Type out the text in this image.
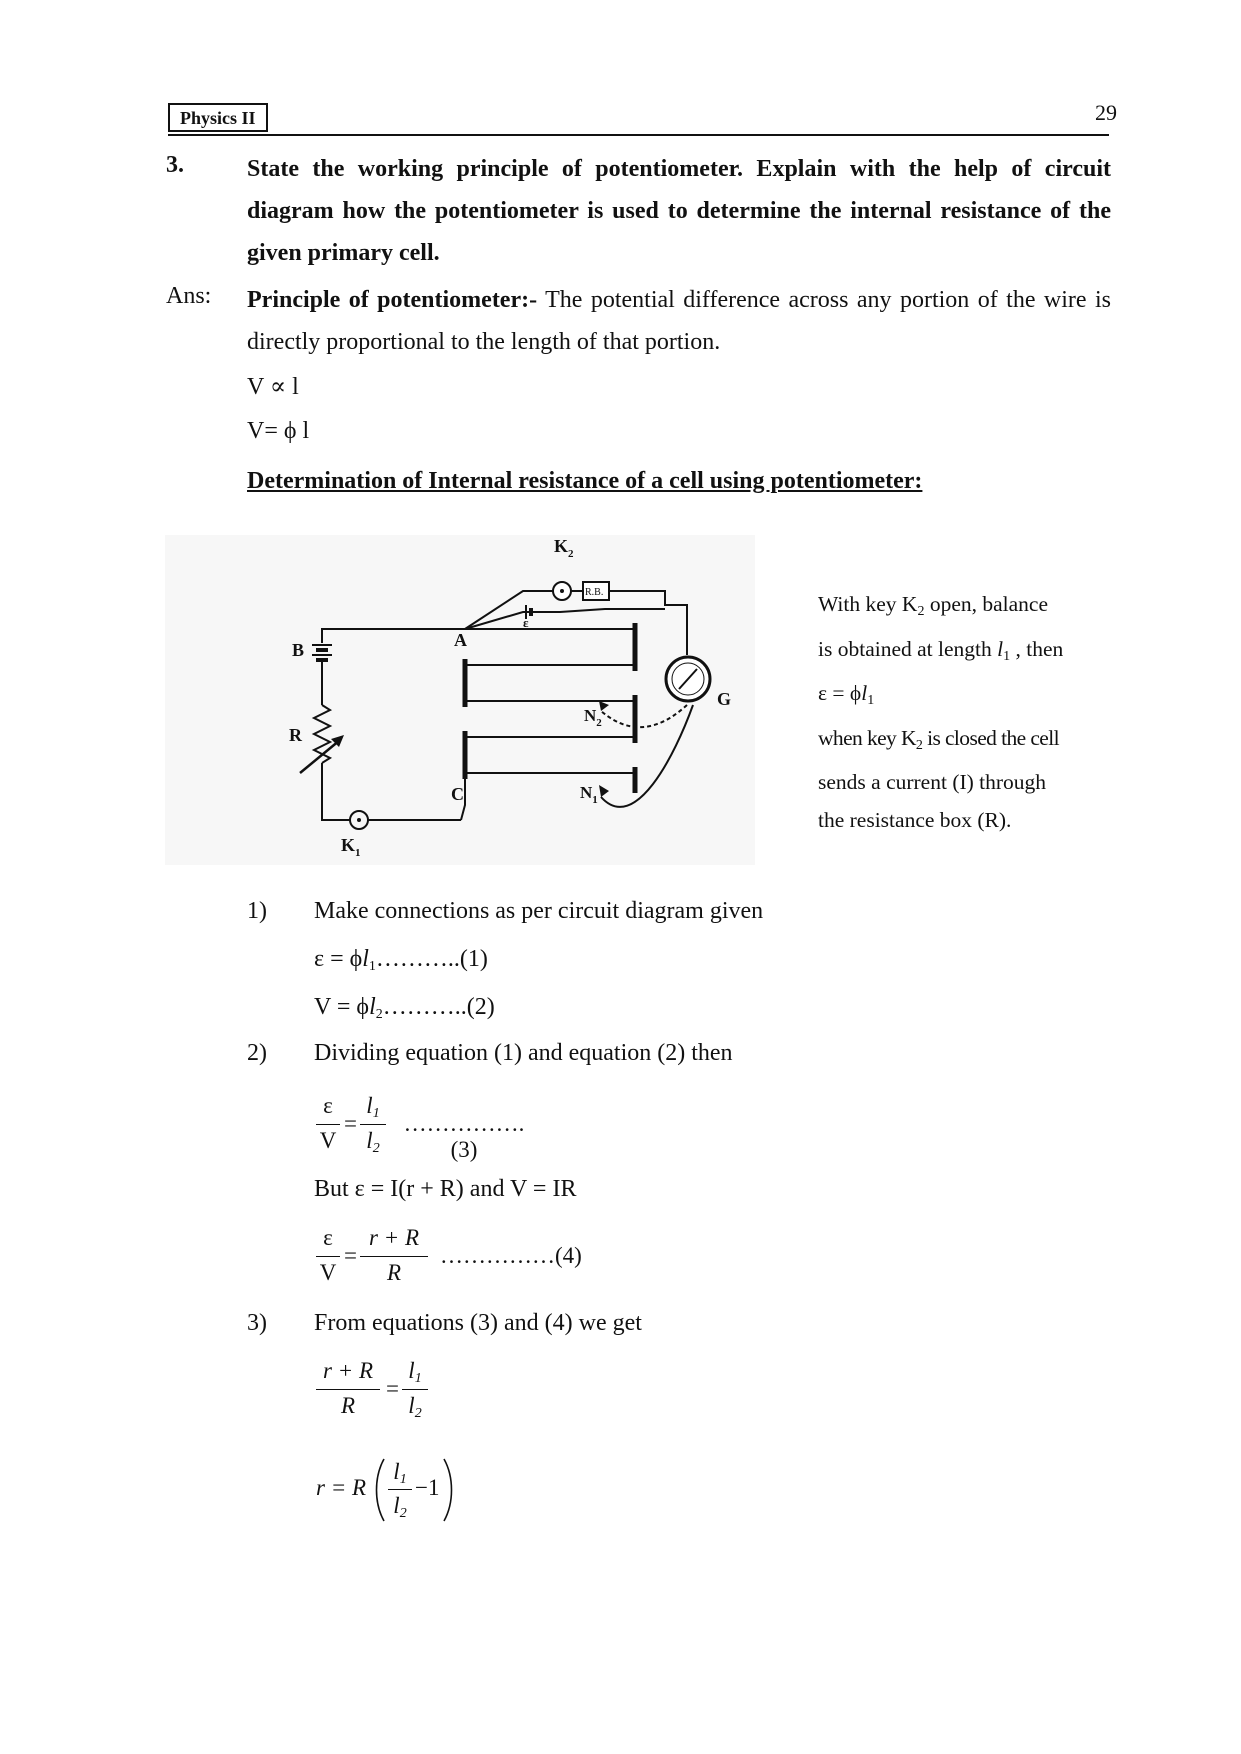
Physics II	29
3.	State the working principle of potentiometer. Explain with the help of circuit diagram how the potentiometer is used to determine the internal resistance of the given primary cell.
Ans: Principle of potentiometer:- The potential difference across any portion of the wire is directly proportional to the length of that portion.
V ∝ l
V= ϕ l
Determination of Internal resistance of a cell using potentiometer:
$K_2$
R.B.
ε
A
B
R
G
$N_2$
$N_1$
C
$K_1$
With key $K_2$ open, balance
is obtained at length $l_1$ , then
$\varepsilon = \phi l_1$
when key $K_2$ is closed the cell
sends a current (I) through
the resistance box (R).
1) Make connections as per circuit diagram given
$\varepsilon = \phi l_1\dots\dots\dots..(1)$
$V = \phi l_2\dots\dots\dots..(2)$
2) Dividing equation (1) and equation (2) then
ε
V
=
$l_1$
$l_2$
…………….(3)
But ε = I(r + R) and V = IR
ε
V
=
r + R
R
……………(4)
3) From equations (3) and (4) we get
r + R
R
=
$l_1$
$l_2$
r = R
$l_1$
$l_2$
−1
